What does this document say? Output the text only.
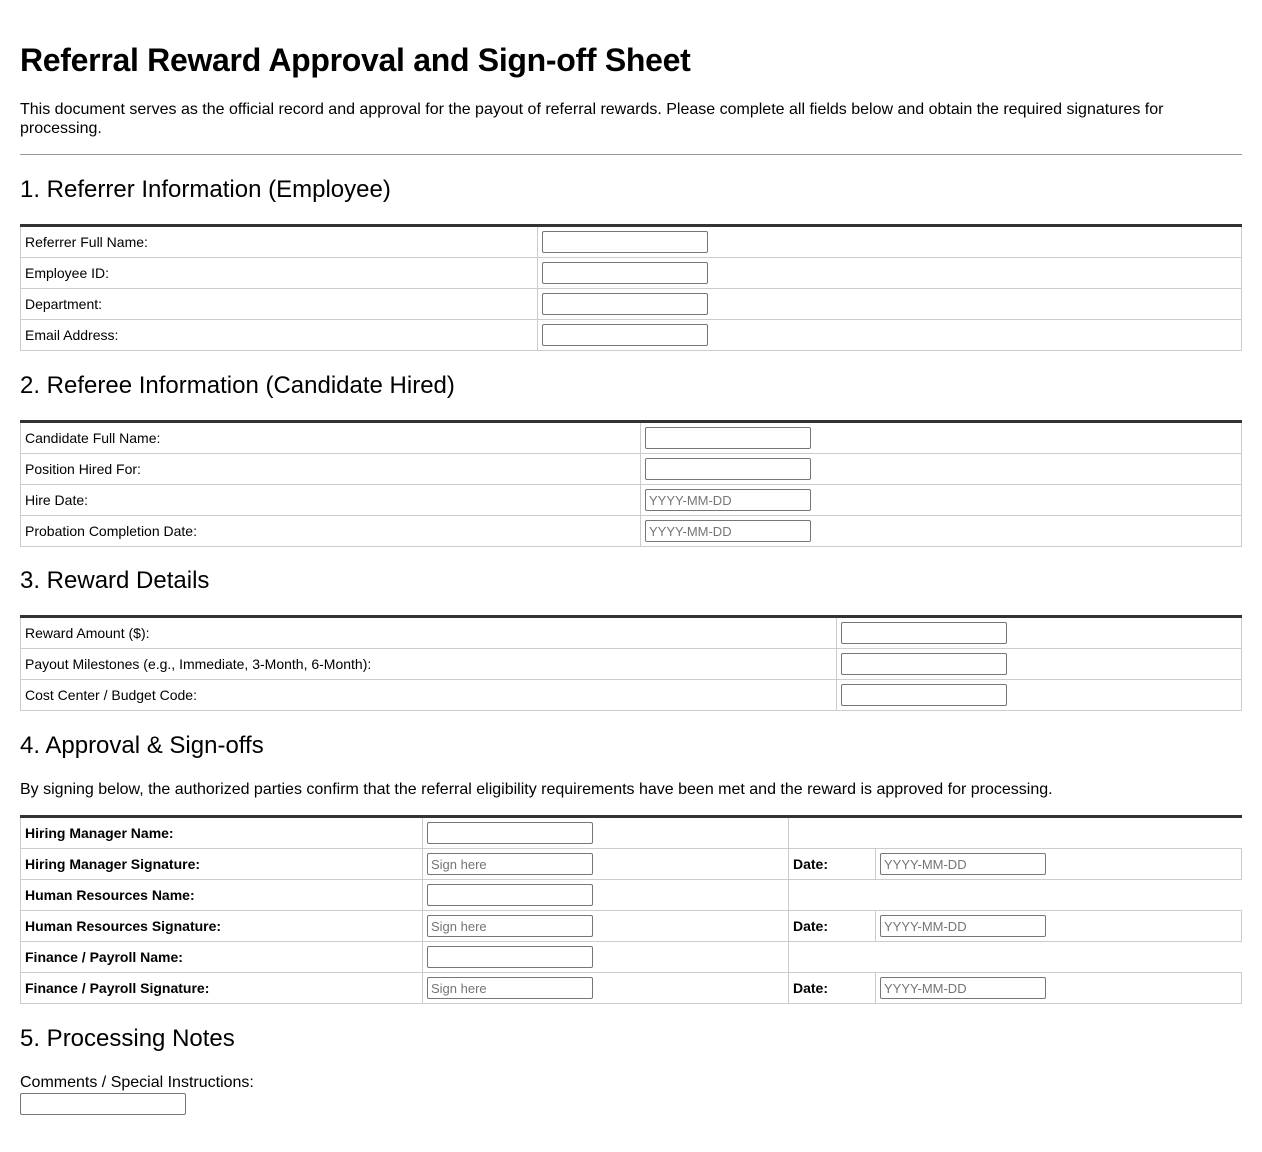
Referral Reward Approval and Sign-off Sheet

This document serves as the official record and approval for the payout of referral rewards. Please complete all fields below and obtain the required signatures for processing.

1. Referrer Information (Employee)
Referrer Full Name:	

Employee ID:	

Department:	

Email Address:	
2. Referee Information (Candidate Hired)
Candidate Full Name:	

Position Hired For:	

Hire Date:	
YYYY-MM-DD
Probation Completion Date:	
YYYY-MM-DD
3. Reward Details
Reward Amount ($):	

Payout Milestones (e.g., Immediate, 3-Month, 6-Month):	

Cost Center / Budget Code:	
4. Approval & Sign-offs

By signing below, the authorized parties confirm that the referral eligibility requirements have been met and the reward is approved for processing.

Hiring Manager Name:	

Hiring Manager Signature:	
Sign here	Date:	
YYYY-MM-DD
Human Resources Name:	

Human Resources Signature:	
Sign here	Date:	
YYYY-MM-DD
Finance / Payroll Name:	

Finance / Payroll Signature:	
Sign here	Date:	
YYYY-MM-DD
5. Processing Notes

Comments / Special Instructions:
